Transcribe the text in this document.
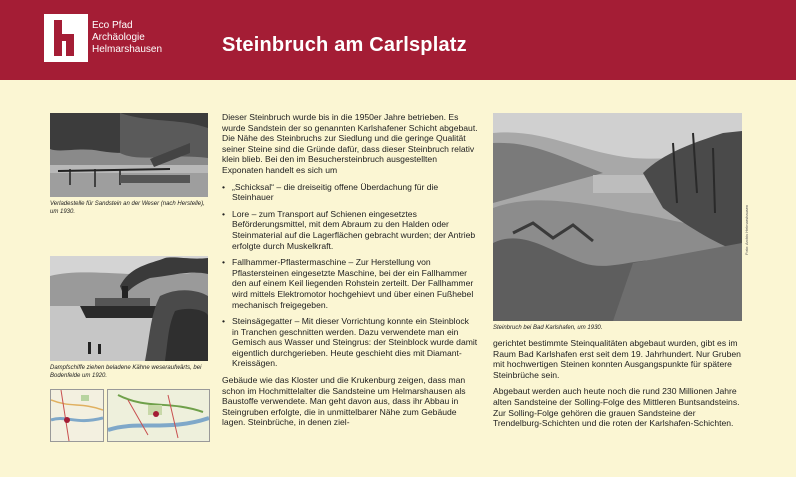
Eco Pfad
Archäologie
Helmarshausen	Steinbruch am Carlsplatz
Verladestelle für Sandstein an der Weser (nach Herstelle), um 1930.
Dampfschiffe ziehen beladene Kähne weseraufwärts, bei Bodenfelde um 1920.

Dieser Steinbruch wurde bis in die 1950er Jahre betrieben. Es wurde Sandstein der so genannten Karlshafener Schicht abgebaut. Die Nähe des Steinbruchs zur Siedlung und die geringe Qualität seiner Steine sind die Gründe dafür, dass dieser Steinbruch relativ klein blieb. Bei den im Besuchersteinbruch ausgestellten Exponaten handelt es sich um

• „Schicksal“ – die dreiseitig offene Überdachung für die Steinhauer
• Lore – zum Transport auf Schienen eingesetztes Beförderungsmittel, mit dem Abraum zu den Halden oder Steinmaterial auf die Lagerflächen gebracht wurden; der Antrieb erfolgte durch Muskelkraft.
• Fallhammer-Pflastermaschine – Zur Herstellung von Pflastersteinen eingesetzte Maschine, bei der ein Fallhammer den auf einem Keil liegenden Rohstein zerteilt. Der Fallhammer wird mittels Elektromotor hochgehievt und über einen Fußhebel mechanisch freigegeben.
• Steinsägegatter – Mit dieser Vorrichtung konnte ein Steinblock in Tranchen geschnitten werden. Dazu verwendete man ein Gemisch aus Wasser und Steingrus: der Steinblock wurde damit eigentlich durchgerieben. Heute geschieht dies mit Diamant-Kreissägen.

Gebäude wie das Kloster und die Krukenburg zeigen, dass man schon im Hochmittelalter die Sandsteine um Helmarshausen als Baustoffe verwendete. Man geht davon aus, dass ihr Abbau in Steingruben erfolgte, die in unmittelbarer Nähe zum Gebäude lagen. Steinbrüche, in denen ziel-

Steinbruch bei Bad Karlshafen, um 1930.
Foto: Archiv Helmarshausen

gerichtet bestimmte Steinqualitäten abgebaut wurden, gibt es im Raum Bad Karlshafen erst seit dem 19. Jahrhundert. Nur Gruben mit hochwertigen Steinen konnten Ausgangspunkte für spätere Steinbrüche sein.

Abgebaut werden auch heute noch die rund 230 Millionen Jahre alten Sandsteine der Solling-Folge des Mittleren Buntsandsteins. Zur Solling-Folge gehören die grauen Sandsteine der Trendelburg-Schichten und die roten der Karlshafen-Schichten.
